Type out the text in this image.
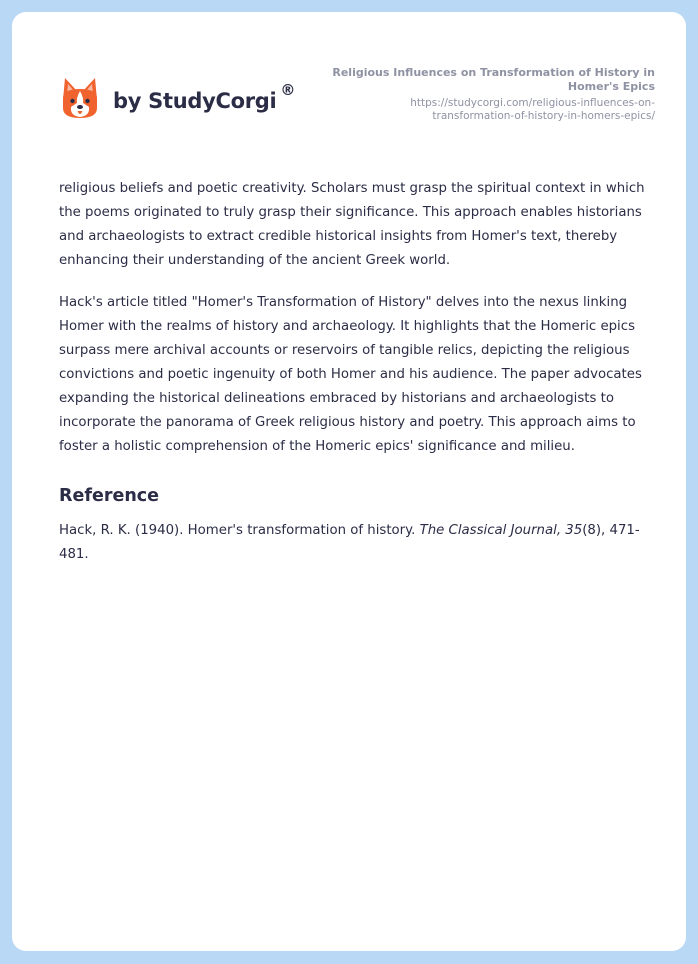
by StudyCorgi ®
Religious Influences on Transformation of History in
Homer's Epics
https://studycorgi.com/religious-influences-on-
transformation-of-history-in-homers-epics/

religious beliefs and poetic creativity. Scholars must grasp the spiritual context in which the poems originated to truly grasp their significance. This approach enables historians and archaeologists to extract credible historical insights from Homer's text, thereby enhancing their understanding of the ancient Greek world.

Hack's article titled "Homer's Transformation of History" delves into the nexus linking Homer with the realms of history and archaeology. It highlights that the Homeric epics surpass mere archival accounts or reservoirs of tangible relics, depicting the religious convictions and poetic ingenuity of both Homer and his audience. The paper advocates expanding the historical delineations embraced by historians and archaeologists to incorporate the panorama of Greek religious history and poetry. This approach aims to foster a holistic comprehension of the Homeric epics' significance and milieu.

Reference

Hack, R. K. (1940). Homer's transformation of history. The Classical Journal, 35(8), 471-481.
